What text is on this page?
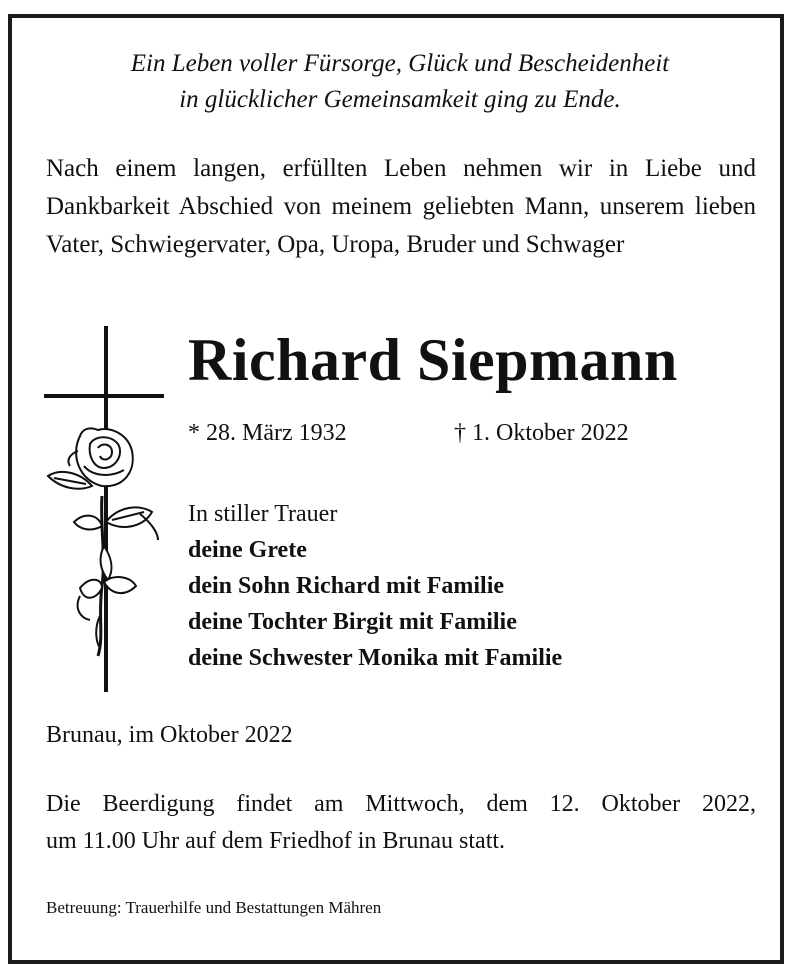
Ein Leben voller Fürsorge, Glück und Bescheidenheit
in glücklicher Gemeinsamkeit ging zu Ende.
Nach einem langen, erfüllten Leben nehmen wir in Liebe und Dankbarkeit Abschied von meinem geliebten Mann, unserem lieben Vater, Schwiegervater, Opa, Uropa, Bruder und Schwager
Richard Siepmann
* 28. März 1932	† 1. Oktober 2022
In stiller Trauer
deine Grete
dein Sohn Richard mit Familie
deine Tochter Birgit mit Familie
deine Schwester Monika mit Familie
Brunau, im Oktober 2022
Die Beerdigung findet am Mittwoch, dem 12. Oktober 2022,
um 11.00 Uhr auf dem Friedhof in Brunau statt.
Betreuung: Trauerhilfe und Bestattungen Mähren
